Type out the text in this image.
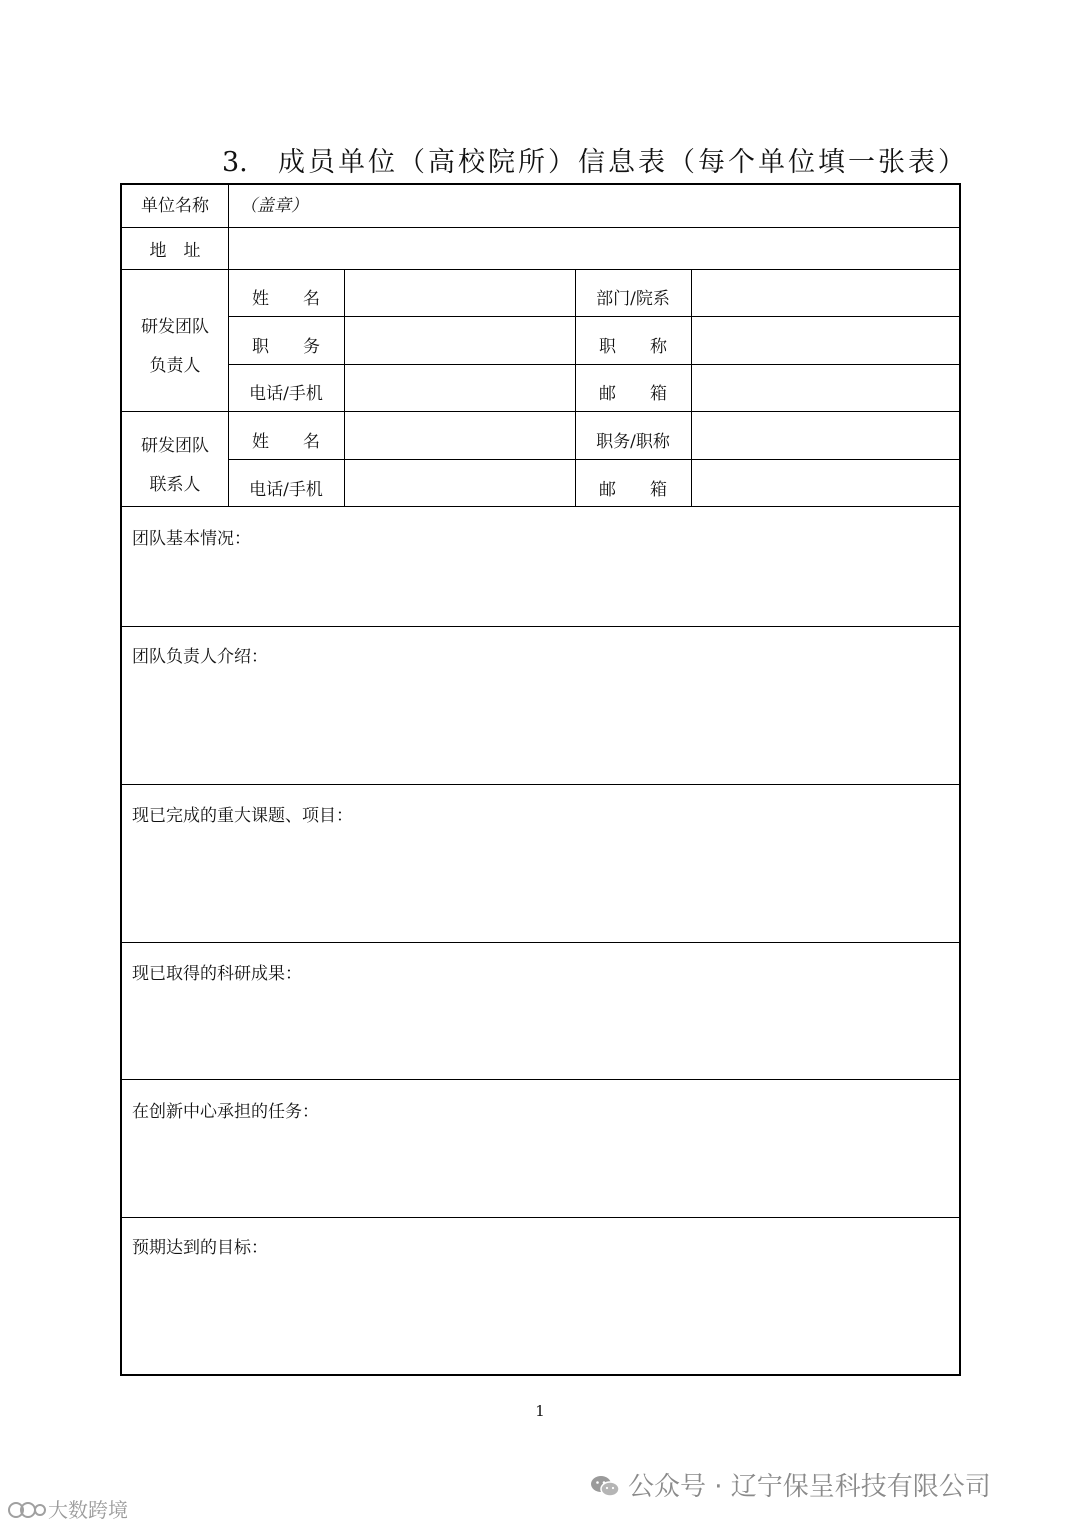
3. 成员单位（高校院所）信息表（每个单位填一张表）
单位名称	（盖章）
地　址
研发团队
负责人
姓　　名	部门/院系
职　　务	职　　称
电话/手机	邮　　箱
研发团队
联系人
姓　　名	职务/职称
电话/手机	邮　　箱
团队基本情况：
团队负责人介绍：
现已完成的重大课题、项目：
现已取得的科研成果：
在创新中心承担的任务：
预期达到的目标：
1
公众号 · 辽宁保呈科技有限公司
大数跨境
